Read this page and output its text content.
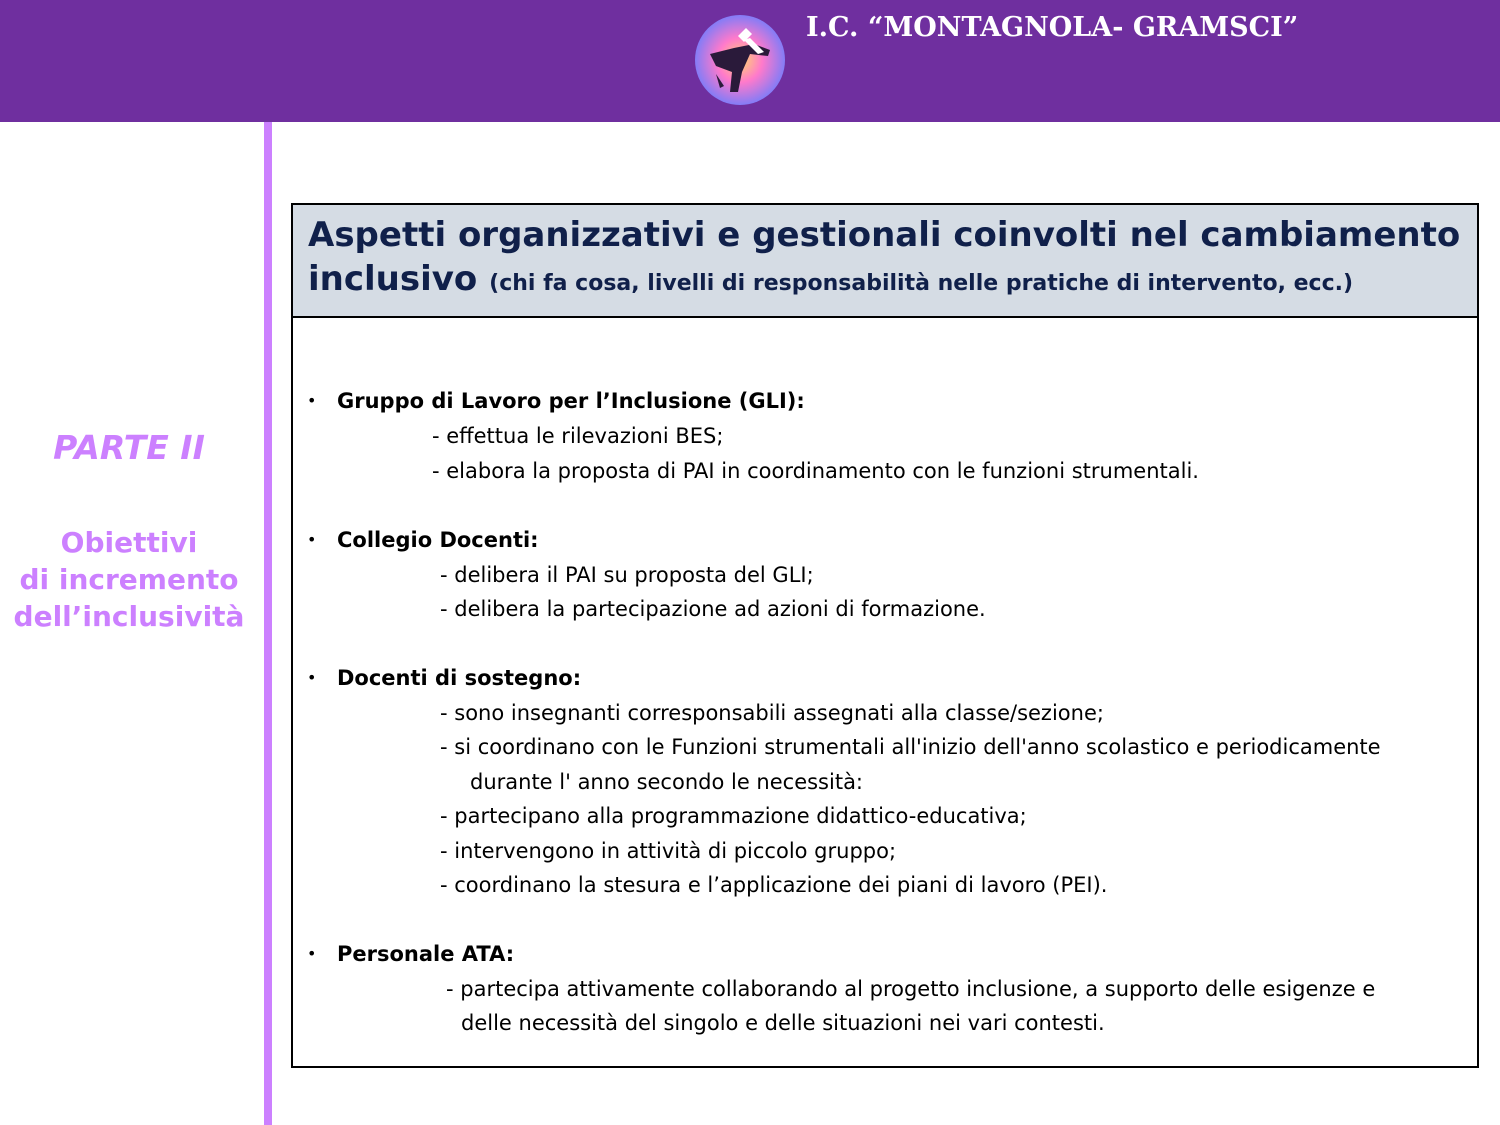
I.C. “MONTAGNOLA- GRAMSCI”
PARTE II
Obiettivi
di incremento
dell’inclusività
Aspetti organizzativi e gestionali coinvolti nel cambiamento
inclusivo (chi fa cosa, livelli di responsabilità nelle pratiche di intervento, ecc.)
• Gruppo di Lavoro per l’Inclusione (GLI):
- effettua le rilevazioni BES;
- elabora la proposta di PAI in coordinamento con le funzioni strumentali.
• Collegio Docenti:
- delibera il PAI su proposta del GLI;
- delibera la partecipazione ad azioni di formazione.
• Docenti di sostegno:
- sono insegnanti corresponsabili assegnati alla classe/sezione;
- si coordinano con le Funzioni strumentali all'inizio dell'anno scolastico e periodicamente
durante l' anno secondo le necessità:
- partecipano alla programmazione didattico-educativa;
- intervengono in attività di piccolo gruppo;
- coordinano la stesura e l’applicazione dei piani di lavoro (PEI).
• Personale ATA:
- partecipa attivamente collaborando al progetto inclusione, a supporto delle esigenze e
delle necessità del singolo e delle situazioni nei vari contesti.
